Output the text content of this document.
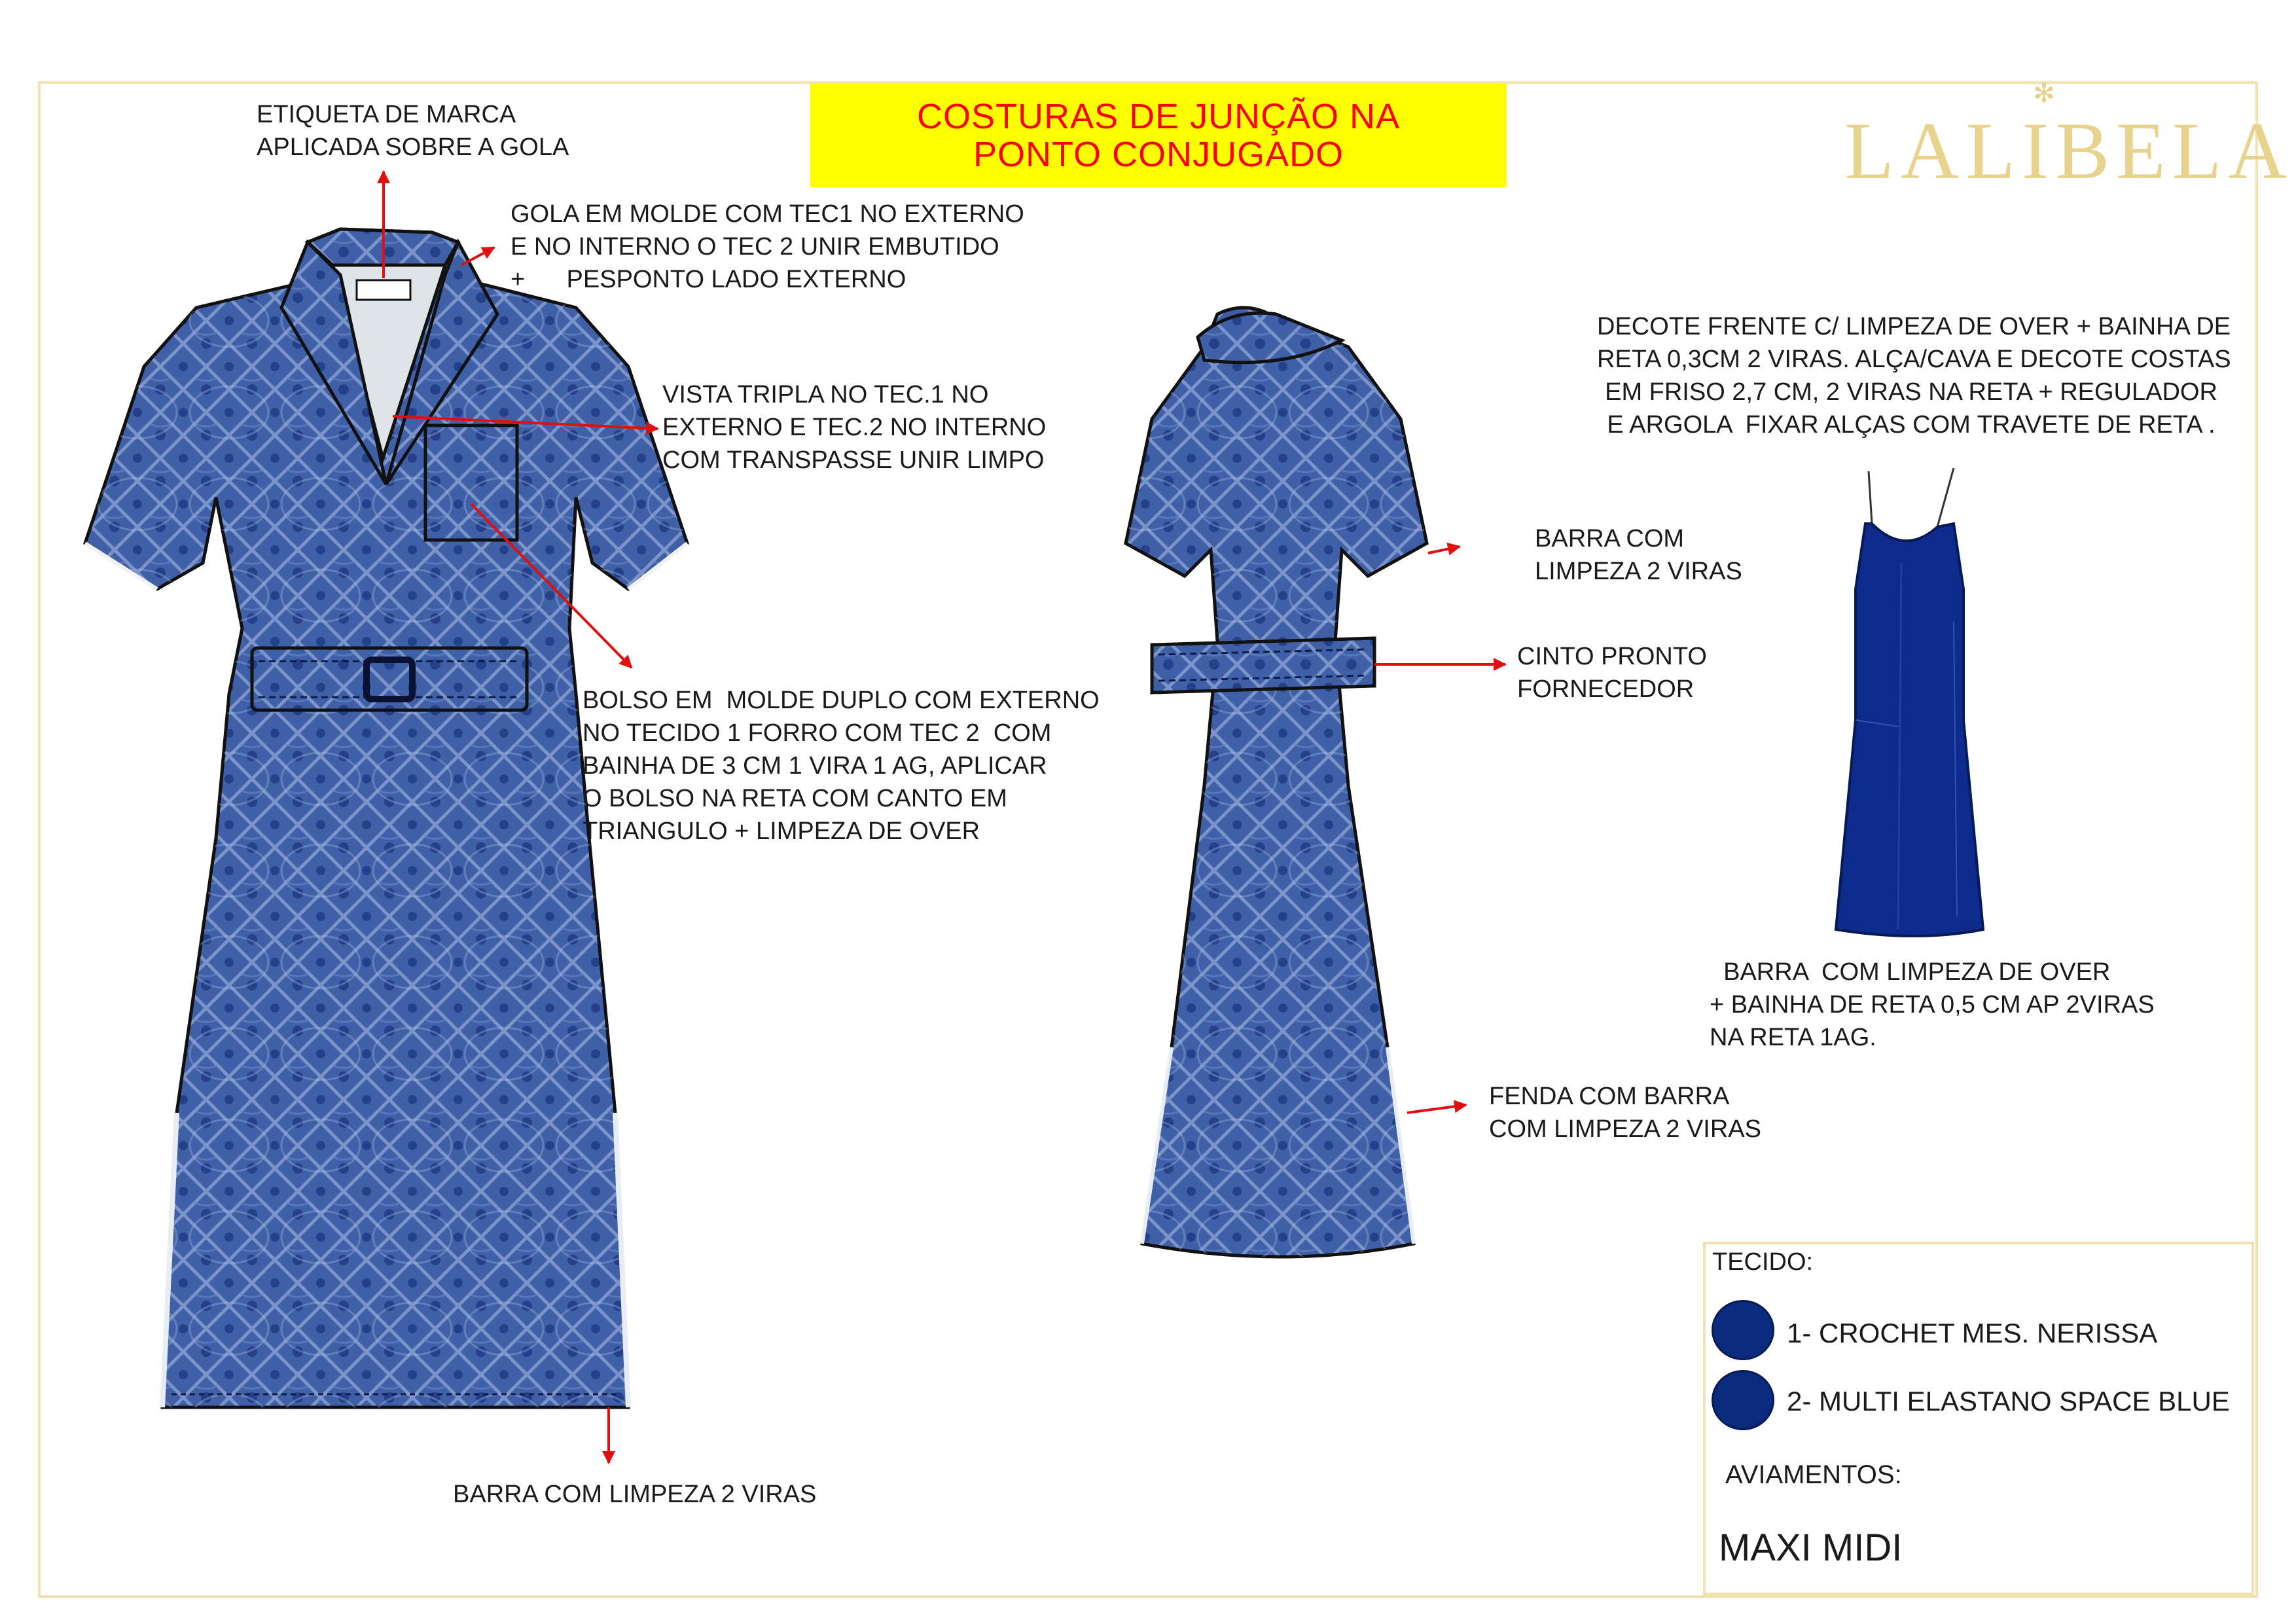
COSTURAS DE JUNÇÃO NA
PONTO CONJUGADO
✻
LALIBELA
ETIQUETA DE MARCA
APLICADA SOBRE A GOLA
GOLA EM MOLDE COM TEC1 NO EXTERNO
E NO INTERNO O TEC 2 UNIR EMBUTIDO
+      PESPONTO LADO EXTERNO
VISTA TRIPLA NO TEC.1 NO
EXTERNO E TEC.2 NO INTERNO
COM TRANSPASSE UNIR LIMPO
BOLSO EM  MOLDE DUPLO COM EXTERNO
NO TECIDO 1 FORRO COM TEC 2  COM
BAINHA DE 3 CM 1 VIRA 1 AG, APLICAR
O BOLSO NA RETA COM CANTO EM
TRIANGULO + LIMPEZA DE OVER
BARRA COM LIMPEZA 2 VIRAS
BARRA COM
LIMPEZA 2 VIRAS
CINTO PRONTO
FORNECEDOR
FENDA COM BARRA
COM LIMPEZA 2 VIRAS
DECOTE FRENTE C/ LIMPEZA DE OVER + BAINHA DE
RETA 0,3CM 2 VIRAS. ALÇA/CAVA E DECOTE COSTAS
EM FRISO 2,7 CM, 2 VIRAS NA RETA + REGULADOR
E ARGOLA  FIXAR ALÇAS COM TRAVETE DE RETA .
BARRA  COM LIMPEZA DE OVER
+ BAINHA DE RETA 0,5 CM AP 2VIRAS
NA RETA 1AG.
TECIDO:
1- CROCHET MES. NERISSA
2- MULTI ELASTANO SPACE BLUE
AVIAMENTOS:
MAXI MIDI
